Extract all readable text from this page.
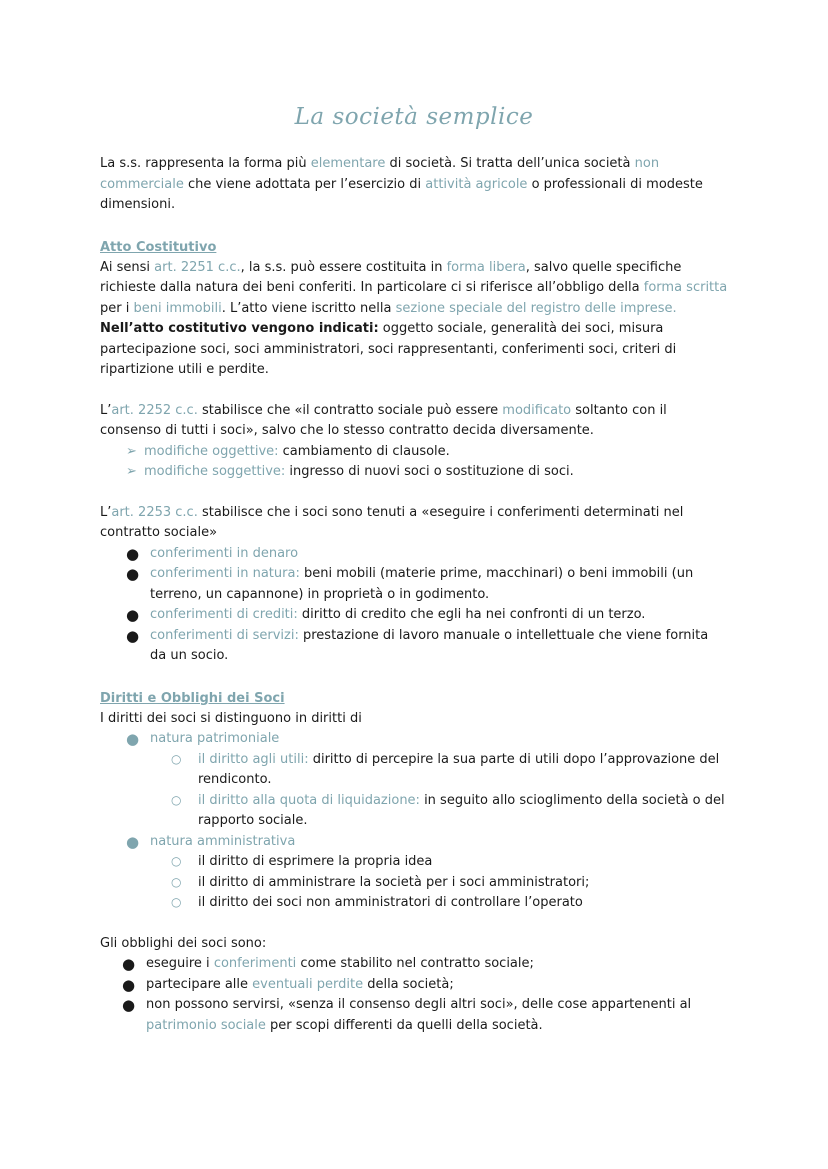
La società semplice

La s.s. rappresenta la forma più elementare di società. Si tratta dell’unica società non commerciale che viene adottata per l’esercizio di attività agricole o professionali di modeste dimensioni.

Atto Costitutivo

Ai sensi art. 2251 c.c., la s.s. può essere costituita in forma libera, salvo quelle specifiche richieste dalla natura dei beni conferiti. In particolare ci si riferisce all’obbligo della forma scritta per i beni immobili. L’atto viene iscritto nella sezione speciale del registro delle imprese. Nell’atto costitutivo vengono indicati: oggetto sociale, generalità dei soci, misura partecipazione soci, soci amministratori, soci rappresentanti, conferimenti soci, criteri di ripartizione utili e perdite.

L’art. 2252 c.c. stabilisce che «il contratto sociale può essere modificato soltanto con il consenso di tutti i soci», salvo che lo stesso contratto decida diversamente.

➢ modifiche oggettive: cambiamento di clausole.
➢ modifiche soggettive: ingresso di nuovi soci o sostituzione di soci.

L’art. 2253 c.c. stabilisce che i soci sono tenuti a «eseguire i conferimenti determinati nel contratto sociale»

● conferimenti in denaro
● conferimenti in natura: beni mobili (materie prime, macchinari) o beni immobili (un terreno, un capannone) in proprietà o in godimento.
● conferimenti di crediti: diritto di credito che egli ha nei confronti di un terzo.
● conferimenti di servizi: prestazione di lavoro manuale o intellettuale che viene fornita da un socio.
Diritti e Obblighi dei Soci

I diritti dei soci si distinguono in diritti di

● natura patrimoniale
○ il diritto agli utili: diritto di percepire la sua parte di utili dopo l’approvazione del rendiconto.
○ il diritto alla quota di liquidazione: in seguito allo scioglimento della società o del rapporto sociale.
● natura amministrativa
○ il diritto di esprimere la propria idea
○ il diritto di amministrare la società per i soci amministratori;
○ il diritto dei soci non amministratori di controllare l’operato

Gli obblighi dei soci sono:

● eseguire i conferimenti come stabilito nel contratto sociale;
● partecipare alle eventuali perdite della società;
● non possono servirsi, «senza il consenso degli altri soci», delle cose appartenenti al patrimonio sociale per scopi differenti da quelli della società.
